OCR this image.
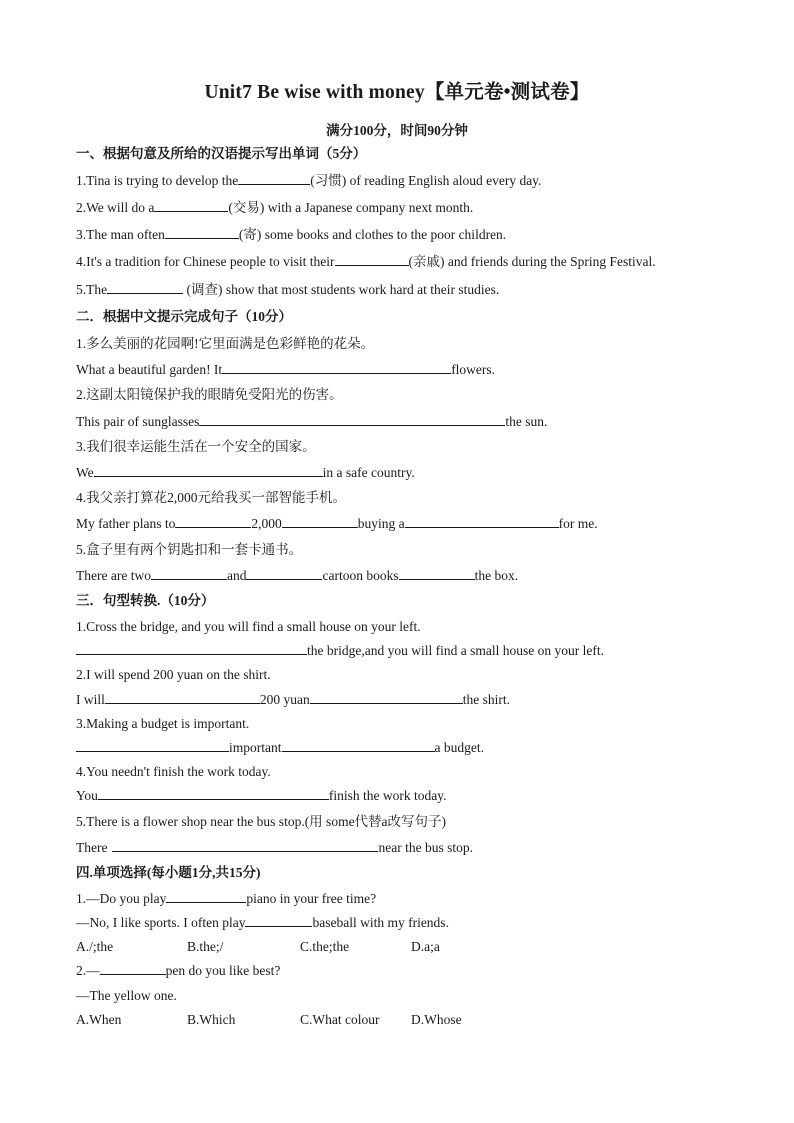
Unit7 Be wise with money【单元卷•测试卷】
满分100分，时间90分钟
一、根据句意及所给的汉语提示写出单词（5分）
1.Tina is trying to develop the	(习惯) of reading English aloud every day.
2.We will do a	(交易) with a Japanese company next month.
3.The man often	(寄) some books and clothes to the poor children.
4.It's a tradition for Chinese people to visit their	(亲戚) and friends during the Spring Festival.
5.The	(调查) show that most students work hard at their studies.
二．根据中文提示完成句子（10分）
1.多么美丽的花园啊!它里面满是色彩鲜艳的花朵。
What a beautiful garden! It	flowers.
2.这副太阳镜保护我的眼睛免受阳光的伤害。
This pair of sunglasses	the sun.
3.我们很幸运能生活在一个安全的国家。
We	in a safe country.
4.我父亲打算花2,000元给我买一部智能手机。
My father plans to	2,000	buying a	for me.
5.盒子里有两个钥匙扣和一套卡通书。
There are two	and	cartoon books	the box.
三．句型转换.（10分）
1.Cross the bridge, and you will find a small house on your left.
the bridge,and you will find a small house on your left.
2.I will spend 200 yuan on the shirt.
I will	200 yuan	the shirt.
3.Making a budget is important.
important	a budget.
4.You needn't finish the work today.
You	finish the work today.
5.There is a flower shop near the bus stop.(用 some代替a改写句子)
There	near the bus stop.
四.单项选择(每小题1分,共15分)
1.—Do you play	piano in your free time?
—No, I like sports. I often play	baseball with my friends.
A./;the	B.the;/	C.the;the	D.a;a
2.—	pen do you like best?
—The yellow one.
A.When	B.Which	C.What colour D.Whose
